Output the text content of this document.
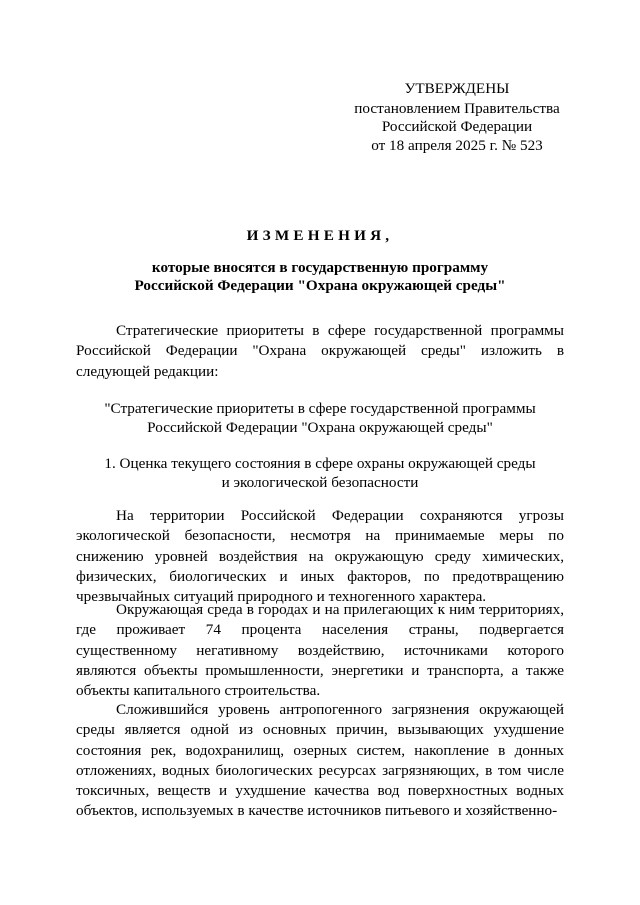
УТВЕРЖДЕНЫ
постановлением Правительства
Российской Федерации
от 18 апреля 2025 г. № 523
ИЗМЕНЕНИЯ,
которые вносятся в государственную программу
Российской Федерации "Охрана окружающей среды"
Стратегические приоритеты в сфере государственной программы Российской Федерации "Охрана окружающей среды" изложить в следующей редакции:
"Стратегические приоритеты в сфере государственной программы
Российской Федерации "Охрана окружающей среды"
1. Оценка текущего состояния в сфере охраны окружающей среды
и экологической безопасности
На территории Российской Федерации сохраняются угрозы экологической безопасности, несмотря на принимаемые меры по снижению уровней воздействия на окружающую среду химических, физических, биологических и иных факторов, по предотвращению чрезвычайных ситуаций природного и техногенного характера.
Окружающая среда в городах и на прилегающих к ним территориях, где проживает 74 процента населения страны, подвергается существенному негативному воздействию, источниками которого являются объекты промышленности, энергетики и транспорта, а также объекты капитального строительства.
Сложившийся уровень антропогенного загрязнения окружающей среды является одной из основных причин, вызывающих ухудшение состояния рек, водохранилищ, озерных систем, накопление в донных отложениях, водных биологических ресурсах загрязняющих, в том числе токсичных, веществ и ухудшение качества вод поверхностных водных объектов, используемых в качестве источников питьевого и хозяйственно-
